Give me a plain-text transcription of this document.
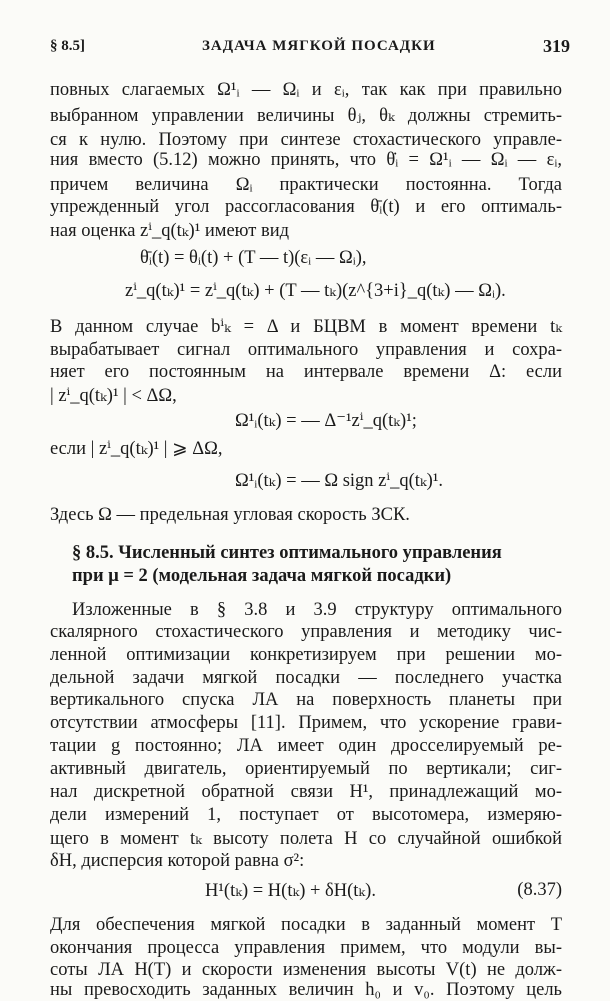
§ 8.5]	ЗАДАЧА МЯГКОЙ ПОСАДКИ	319
повных слагаемых Ω¹ᵢ — Ωᵢ и εᵢ, так как при правильно
выбранном управлении величины θⱼ, θₖ должны стремить-
ся к нулю. Поэтому при синтезе стохастического управле-
ния вместо (5.12) можно принять, что θ̇ᵢ = Ω¹ᵢ — Ωᵢ — εᵢ,
причем величина Ωᵢ практически постоянна. Тогда
упрежденный угол рассогласования θ̄ᵢ(t) и его оптималь-
ная оценка zⁱ_q(tₖ)¹ имеют вид
θ̄ᵢ(t) = θᵢ(t) + (T — t)(εᵢ — Ωᵢ),
zⁱ_q(tₖ)¹ = zⁱ_q(tₖ) + (T — tₖ)(z^{3+i}_q(tₖ) — Ωᵢ).
В данном случае bⁱₖ = Δ и БЦВМ в момент времени tₖ
вырабатывает сигнал оптимального управления и сохра-
няет его постоянным на интервале времени Δ: если
| zⁱ_q(tₖ)¹ | < ΔΩ,
Ω¹ᵢ(tₖ) = — Δ⁻¹zⁱ_q(tₖ)¹;
если | zⁱ_q(tₖ)¹ | ⩾ ΔΩ,
Ω¹ᵢ(tₖ) = — Ω sign zⁱ_q(tₖ)¹.
Здесь Ω — предельная угловая скорость ЗСК.
§ 8.5. Численный синтез оптимального управления
при μ = 2 (модельная задача мягкой посадки)
Изложенные в § 3.8 и 3.9 структуру оптимального
скалярного стохастического управления и методику чис-
ленной оптимизации конкретизируем при решении мо-
дельной задачи мягкой посадки — последнего участка
вертикального спуска ЛА на поверхность планеты при
отсутствии атмосферы [11]. Примем, что ускорение грави-
тации g постоянно; ЛА имеет один дросселируемый ре-
активный двигатель, ориентируемый по вертикали; сиг-
нал дискретной обратной связи H¹, принадлежащий мо-
дели измерений 1, поступает от высотомера, измеряю-
щего в момент tₖ высоту полета H со случайной ошибкой
δH, дисперсия которой равна σ²:
H¹(tₖ) = H(tₖ) + δH(tₖ).	(8.37)
Для обеспечения мягкой посадки в заданный момент T
окончания процесса управления примем, что модули вы-
соты ЛА H(T) и скорости изменения высоты V(t) не долж-
ны превосходить заданных величин h₀ и v₀. Поэтому цель
